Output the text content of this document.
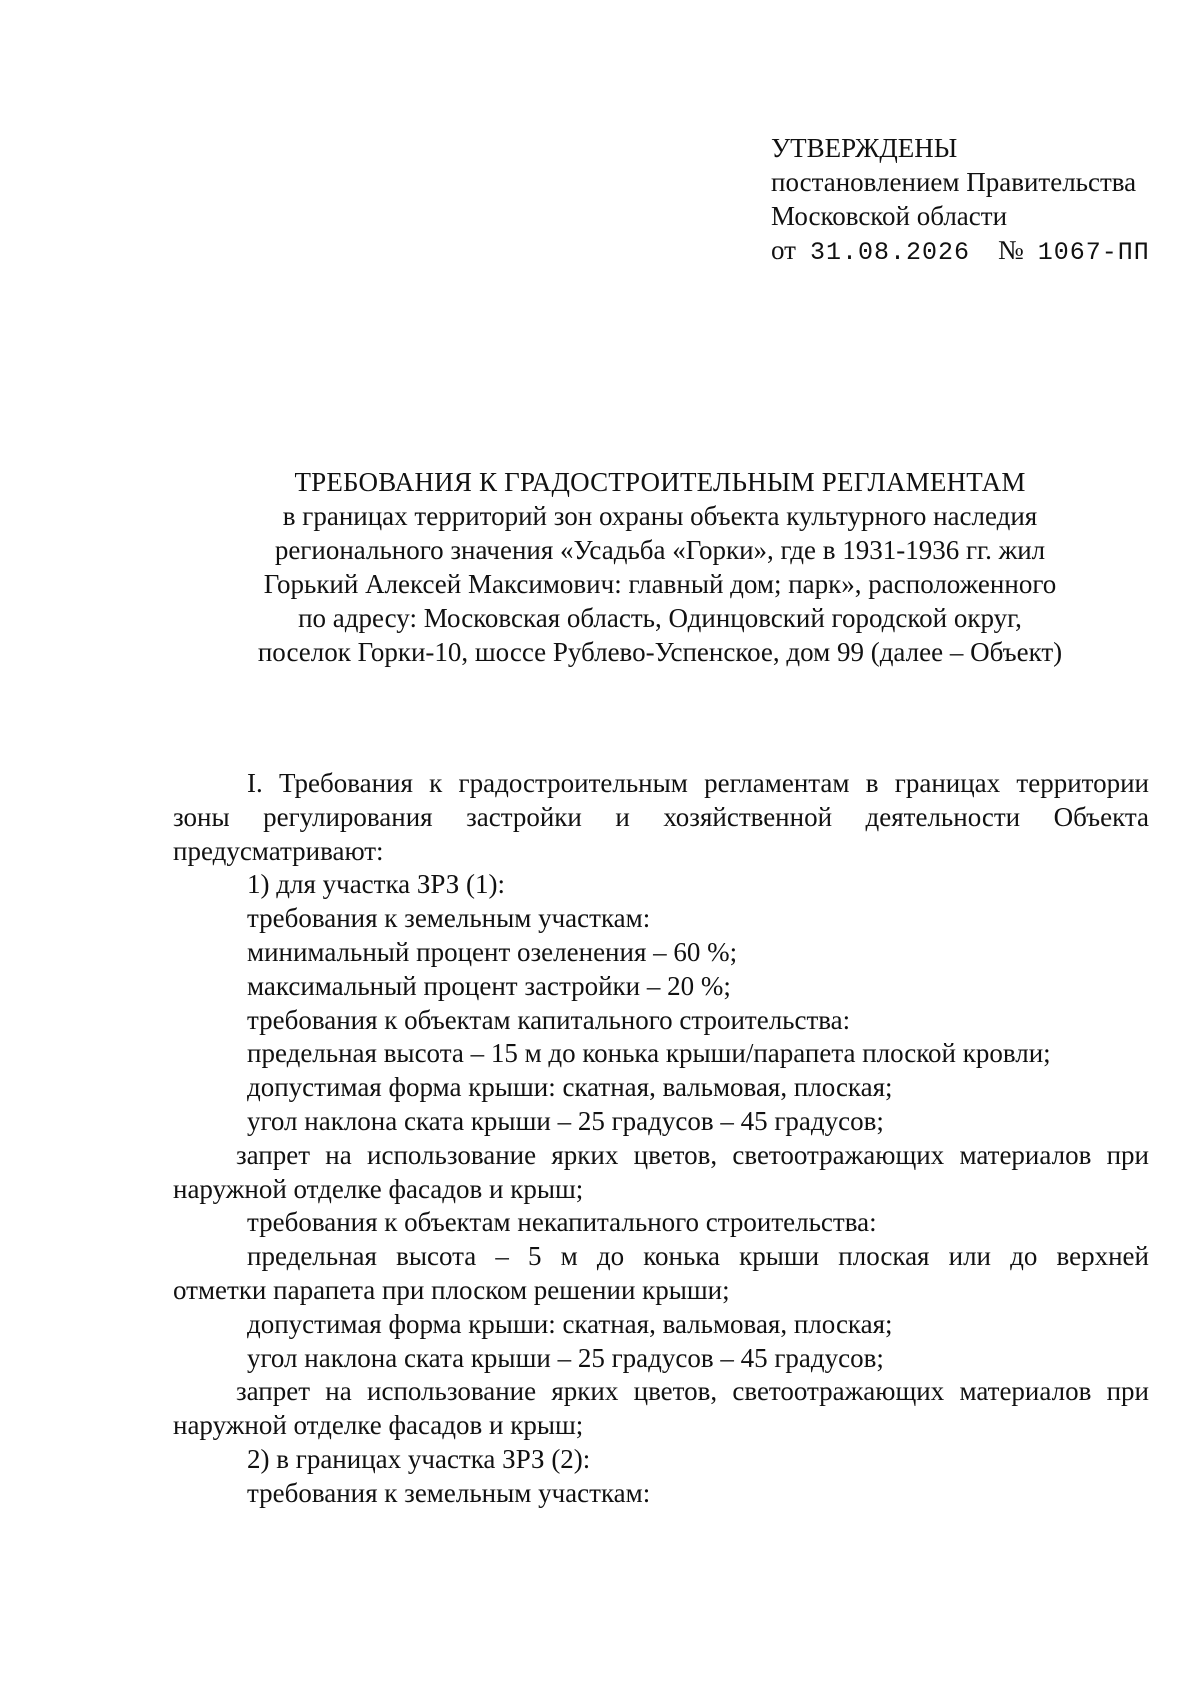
УТВЕРЖДЕНЫ
постановлением Правительства
Московской области
от 31.08.2026 № 1067-ПП
ТРЕБОВАНИЯ К ГРАДОСТРОИТЕЛЬНЫМ РЕГЛАМЕНТАМ
в границах территорий зон охраны объекта культурного наследия
регионального значения «Усадьба «Горки», где в 1931-1936 гг. жил
Горький Алексей Максимович: главный дом; парк», расположенного
по адресу: Московская область, Одинцовский городской округ,
поселок Горки-10, шоссе Рублево-Успенское, дом 99 (далее – Объект)

I. Требования к градостроительным регламентам в границах территории

зоны регулирования застройки и хозяйственной деятельности Объекта

предусматривают:

1) для участка ЗРЗ (1):

требования к земельным участкам:

минимальный процент озеленения – 60 %;

максимальный процент застройки – 20 %;

требования к объектам капитального строительства:

предельная высота – 15 м до конька крыши/парапета плоской кровли;

допустимая форма крыши: скатная, вальмовая, плоская;

угол наклона ската крыши – 25 градусов – 45 градусов;

запрет на использование ярких цветов, светоотражающих материалов при

наружной отделке фасадов и крыш;

требования к объектам некапитального строительства:

предельная высота – 5 м до конька крыши плоская или до верхней

отметки парапета при плоском решении крыши;

допустимая форма крыши: скатная, вальмовая, плоская;

угол наклона ската крыши – 25 градусов – 45 градусов;

запрет на использование ярких цветов, светоотражающих материалов при

наружной отделке фасадов и крыш;

2) в границах участка ЗРЗ (2):

требования к земельным участкам:
